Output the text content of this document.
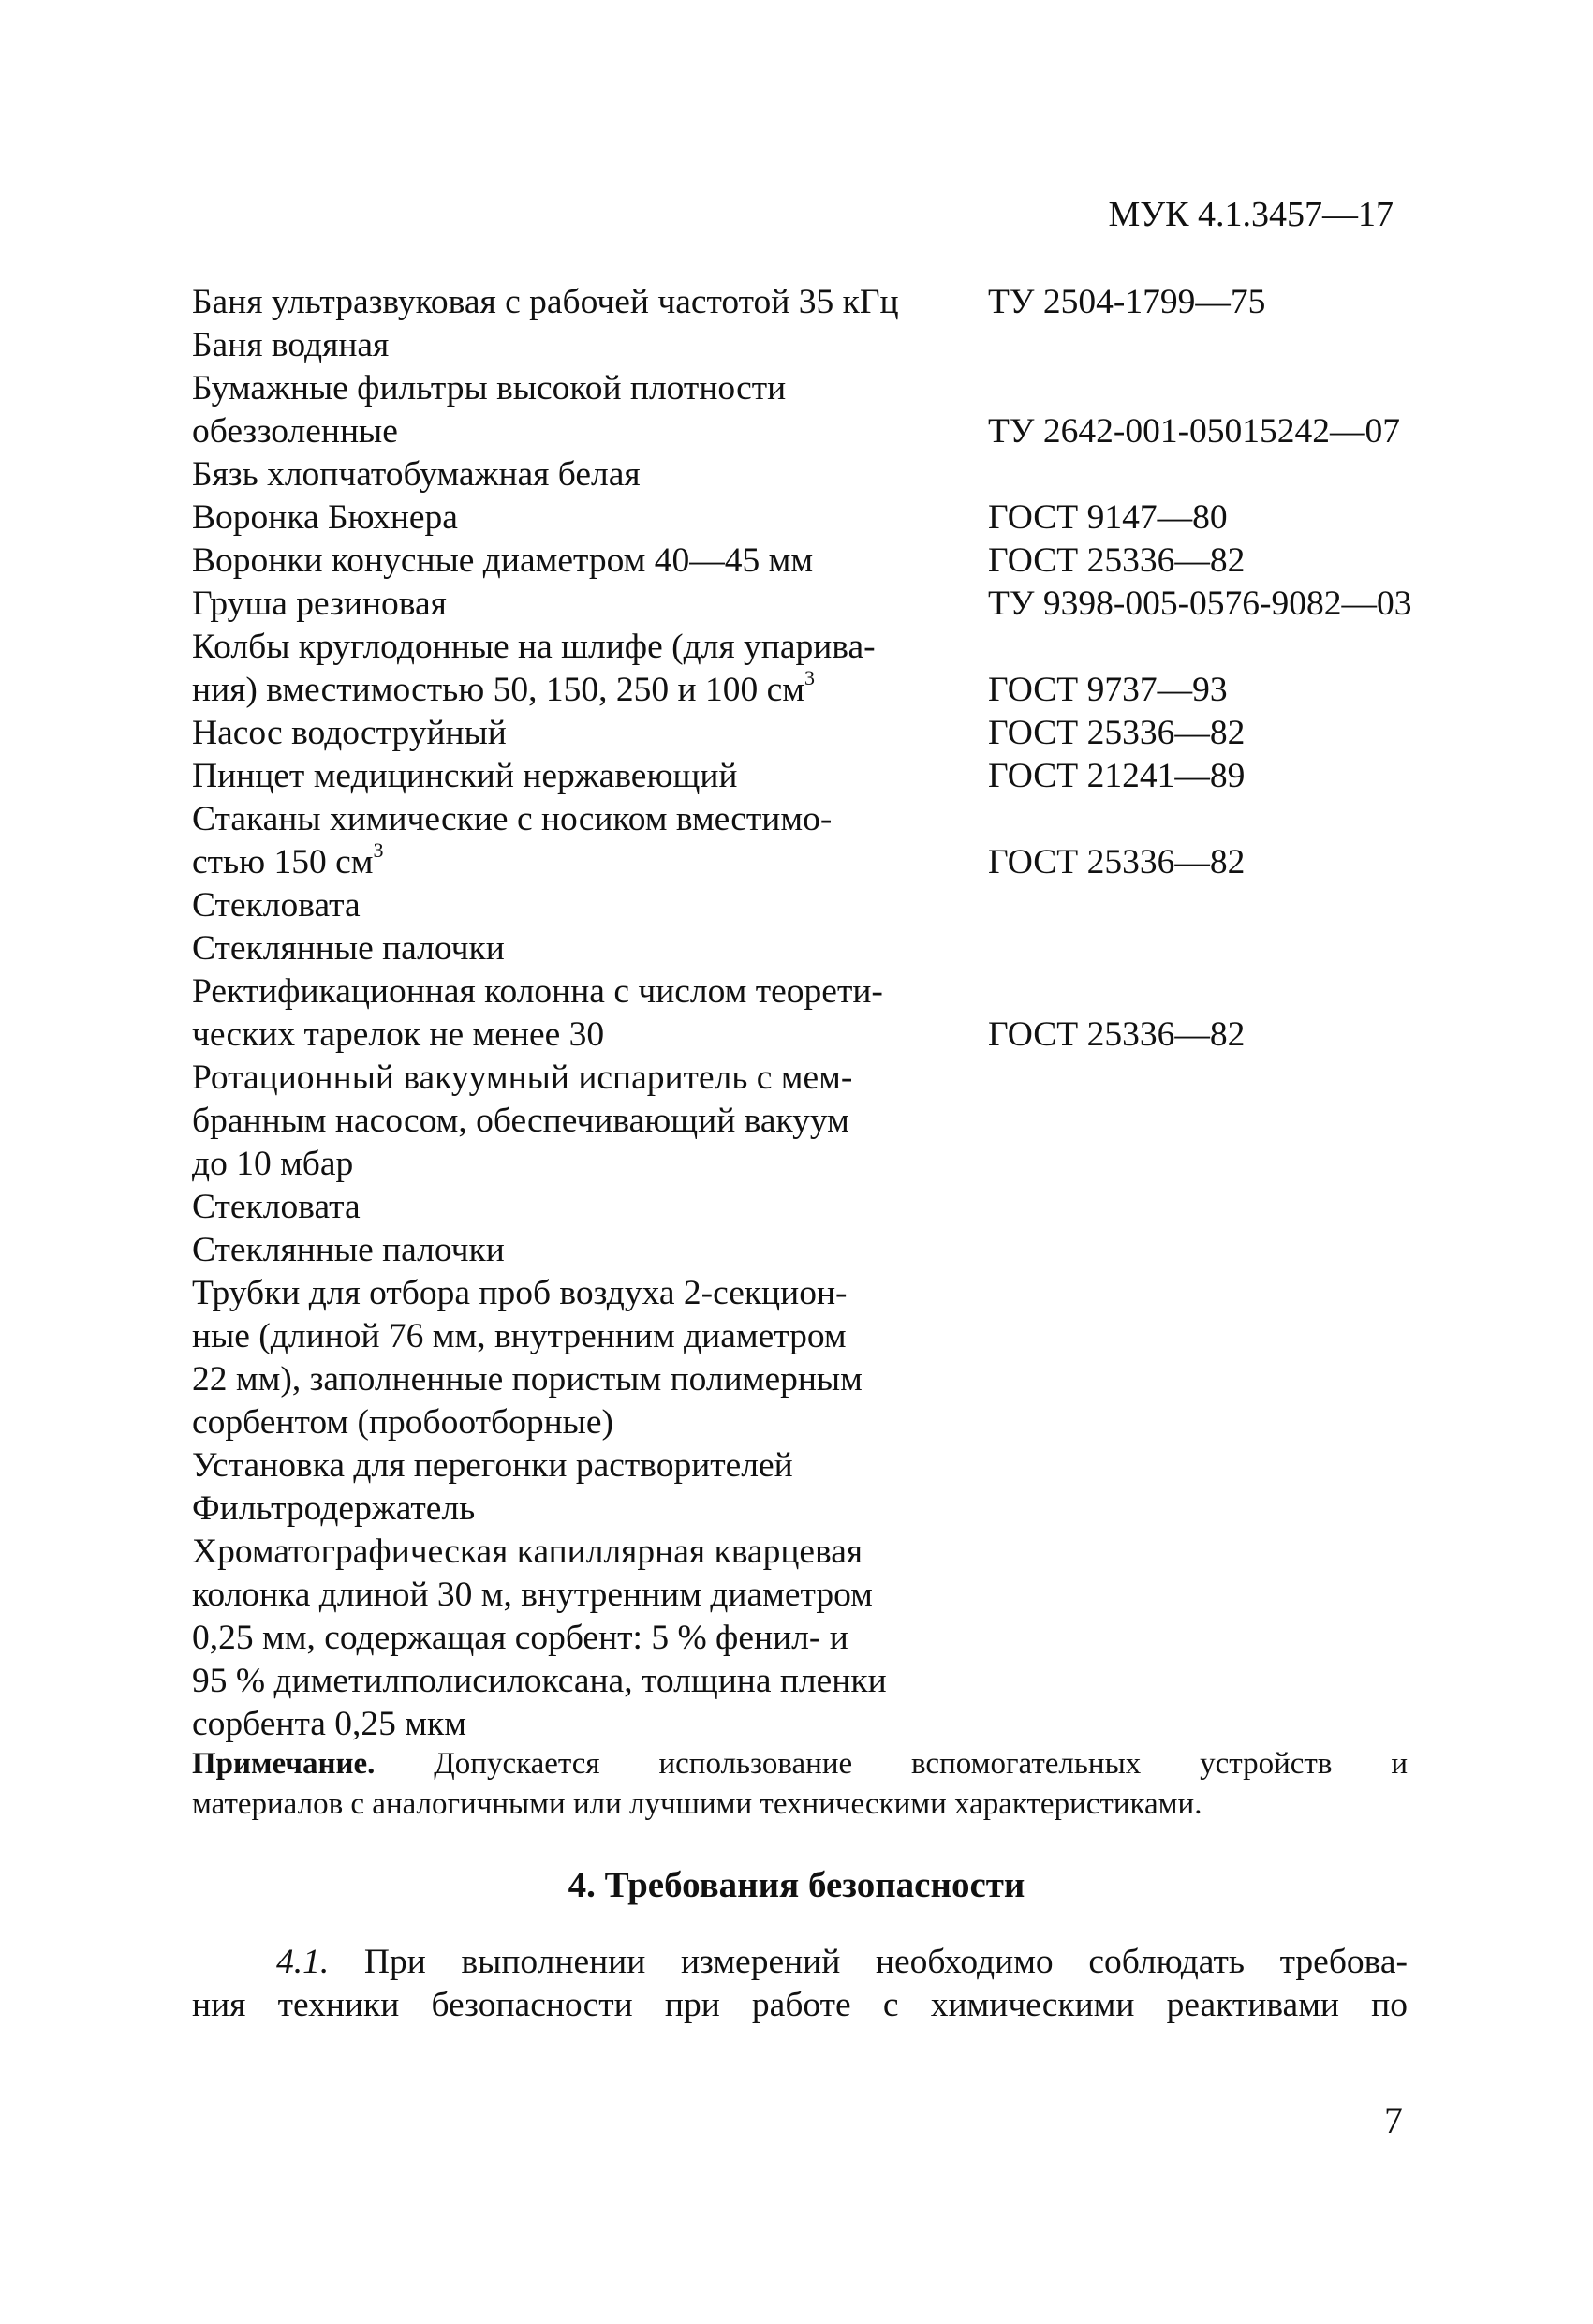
МУК 4.1.3457—17
Баня ультразвуковая с рабочей частотой 35 кГц	ТУ 2504-1799—75
Баня водяная
Бумажные фильтры высокой плотности
обеззоленные	ТУ 2642-001-05015242—07
Бязь хлопчатобумажная белая
Воронка Бюхнера	ГОСТ 9147—80
Воронки конусные диаметром 40—45 мм	ГОСТ 25336—82
Груша резиновая	ТУ 9398-005-0576-9082—03
Колбы круглодонные на шлифе (для упарива-
ния) вместимостью 50, 150, 250 и 100 $см^3$	ГОСТ 9737—93
Насос водоструйный	ГОСТ 25336—82
Пинцет медицинский нержавеющий	ГОСТ 21241—89
Стаканы химические с носиком вместимо-
стью 150 $см^3$	ГОСТ 25336—82
Стекловата
Стеклянные палочки
Ректификационная колонна с числом теорети-
ческих тарелок не менее 30	ГОСТ 25336—82
Ротационный вакуумный испаритель с мем-
бранным насосом, обеспечивающий вакуум
до 10 мбар
Стекловата
Стеклянные палочки
Трубки для отбора проб воздуха 2-секцион-
ные (длиной 76 мм, внутренним диаметром
22 мм), заполненные пористым полимерным
сорбентом (пробоотборные)
Установка для перегонки растворителей
Фильтродержатель
Хроматографическая капиллярная кварцевая
колонка длиной 30 м, внутренним диаметром
0,25 мм, содержащая сорбент: 5 % фенил- и
95 % диметилполисилоксана, толщина пленки
сорбента 0,25 мкм
Примечание. Допускается использование вспомогательных устройств и
материалов с аналогичными или лучшими техническими характеристиками.
4. Требования безопасности
4.1. При выполнении измерений необходимо соблюдать требова-
ния техники безопасности при работе с химическими реактивами по
7
